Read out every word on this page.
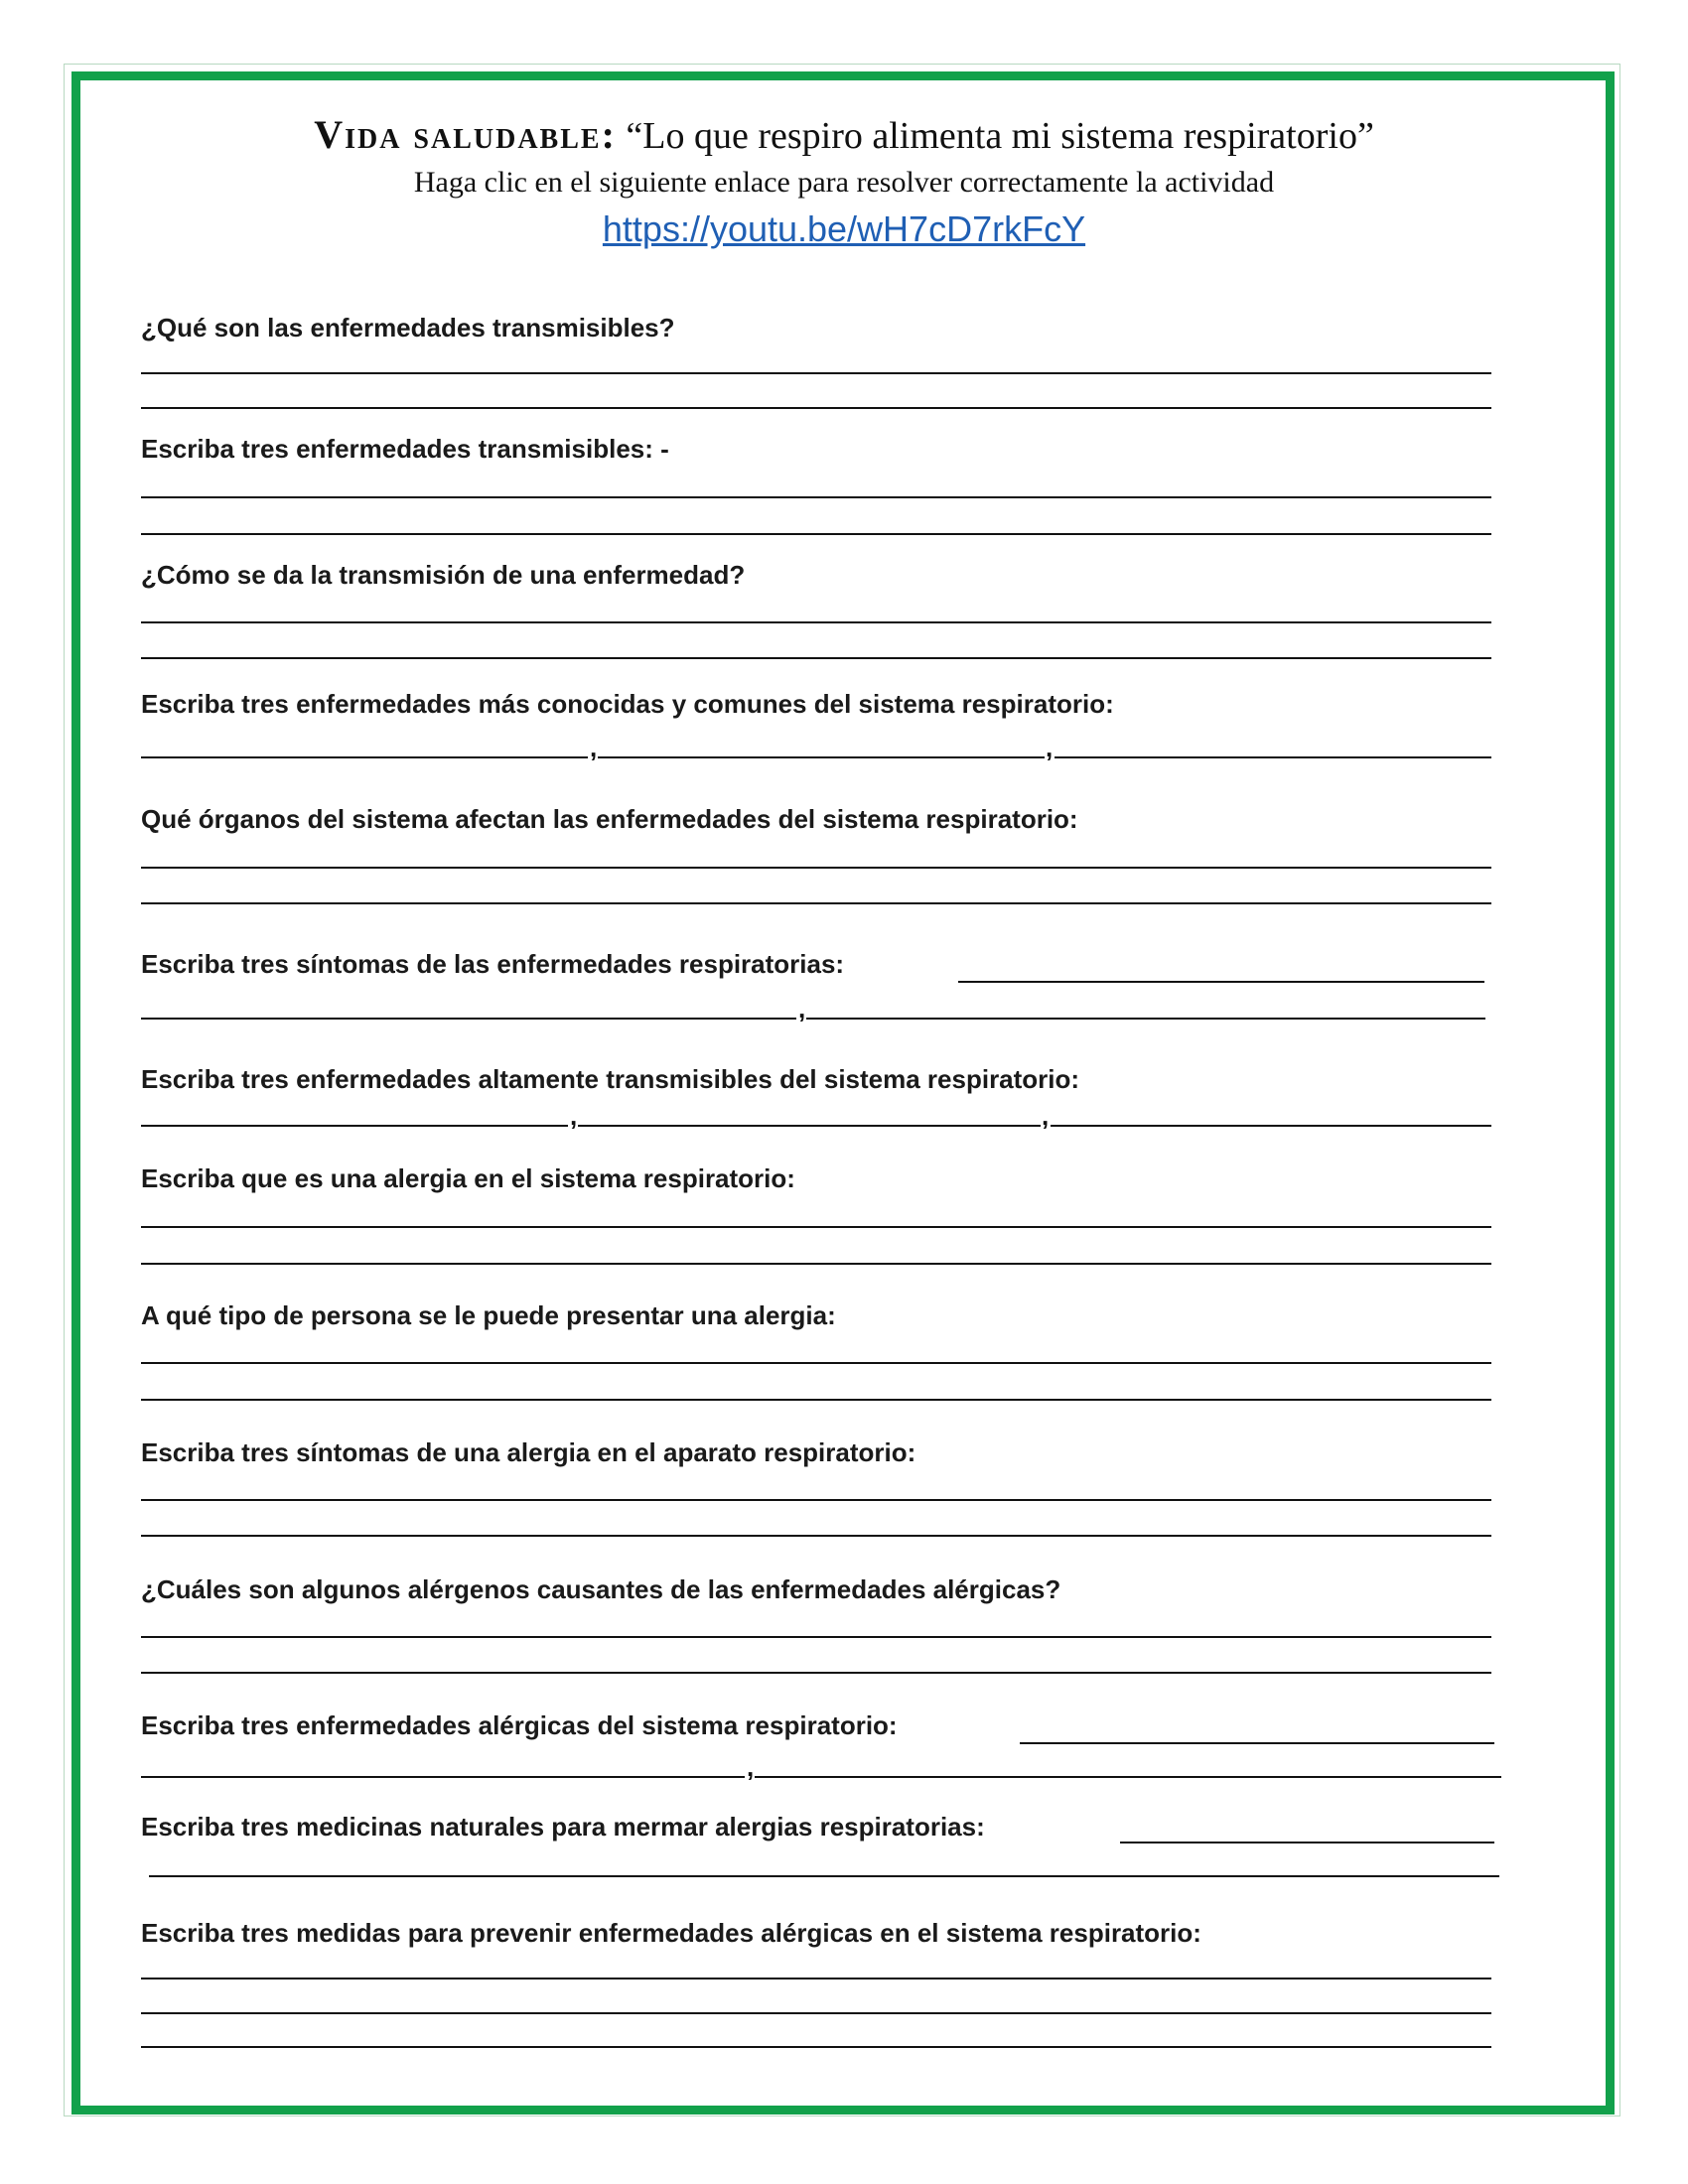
Vida saludable: “Lo que respiro alimenta mi sistema respiratorio”
Haga clic en el siguiente enlace para resolver correctamente la actividad
https://youtu.be/wH7cD7rkFcY
¿Qué son las enfermedades transmisibles?
Escriba tres enfermedades transmisibles: -
¿Cómo se da la transmisión de una enfermedad?
Escriba tres enfermedades más conocidas y comunes del sistema respiratorio:
,	,
Qué órganos del sistema afectan las enfermedades del sistema respiratorio:
Escriba tres síntomas de las enfermedades respiratorias:
,
Escriba tres enfermedades altamente transmisibles del sistema respiratorio:
,	,
Escriba que es una alergia en el sistema respiratorio:
A qué tipo de persona se le puede presentar una alergia:
Escriba tres síntomas de una alergia en el aparato respiratorio:
¿Cuáles son algunos alérgenos causantes de las enfermedades alérgicas?
Escriba tres enfermedades alérgicas del sistema respiratorio:
,
Escriba tres medicinas naturales para mermar alergias respiratorias:
Escriba tres medidas para prevenir enfermedades alérgicas en el sistema respiratorio:
